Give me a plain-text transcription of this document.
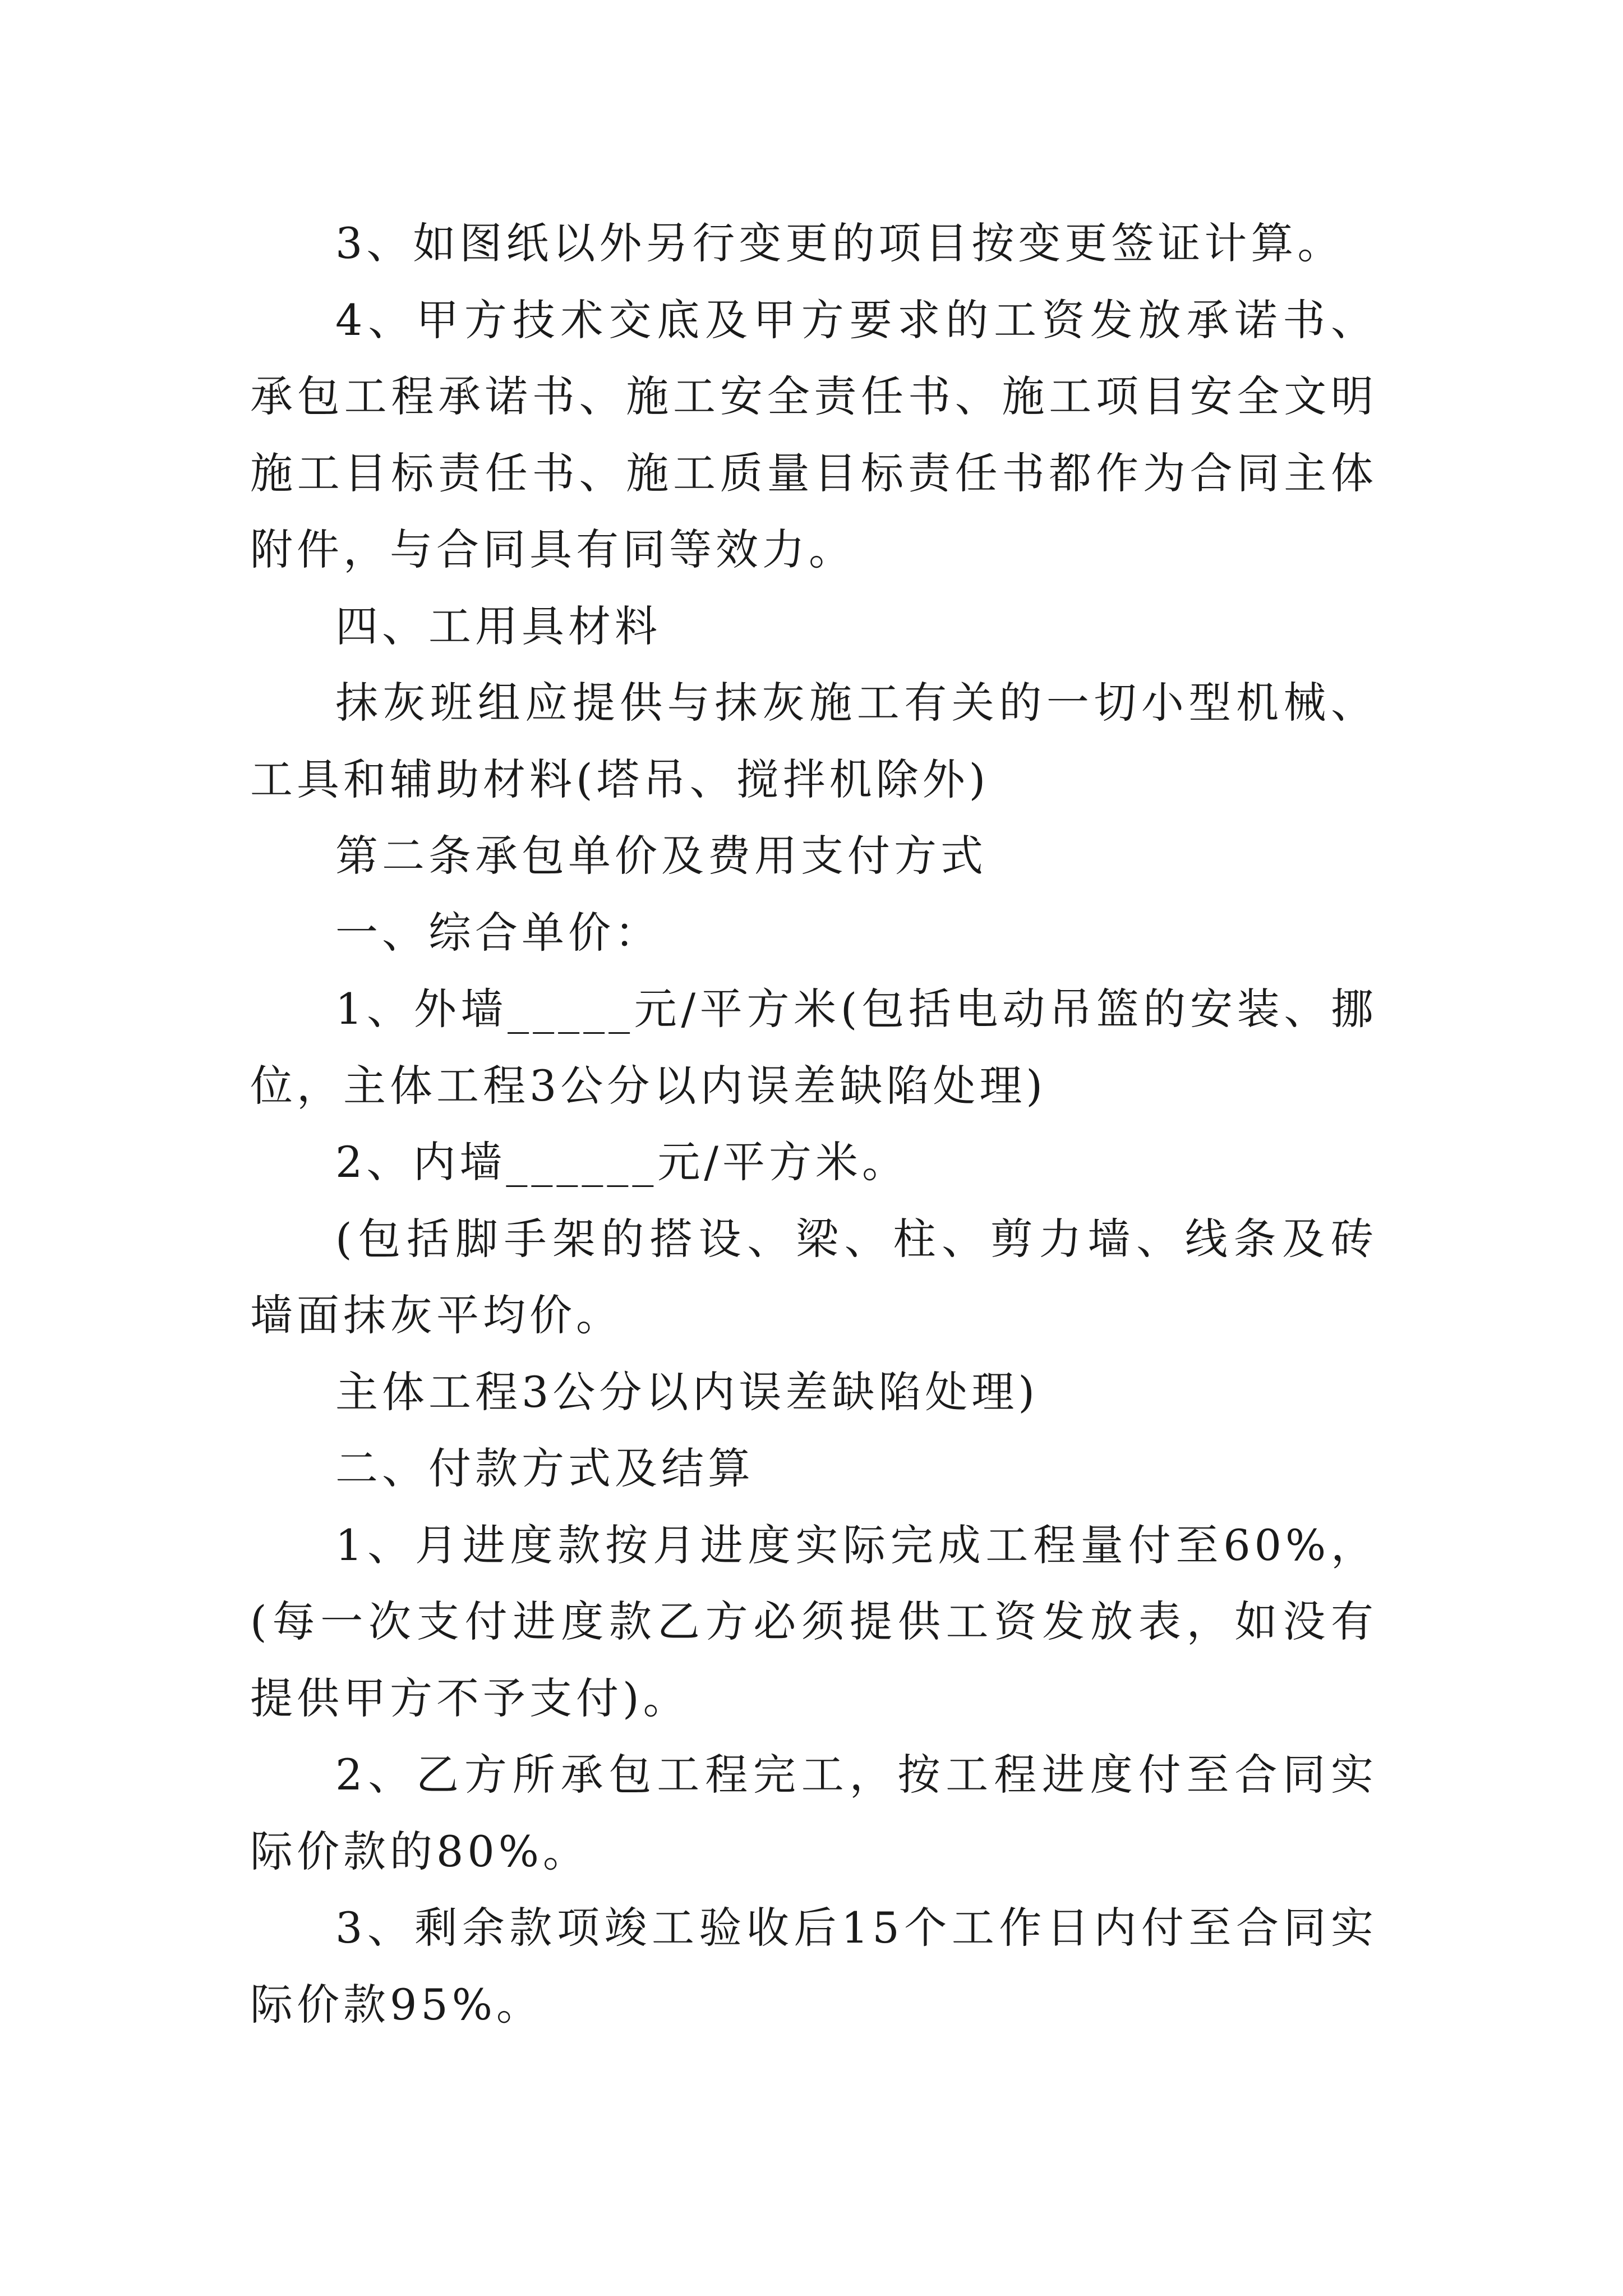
3、如图纸以外另行变更的项目按变更签证计算。

4、甲方技术交底及甲方要求的工资发放承诺书、承包工程承诺书、施工安全责任书、施工项目安全文明施工目标责任书、施工质量目标责任书都作为合同主体附件，与合同具有同等效力。

四、工用具材料

抹灰班组应提供与抹灰施工有关的一切小型机械、工具和辅助材料(塔吊、搅拌机除外)

第二条承包单价及费用支付方式

一、综合单价：

1、外墙_____元/平方米(包括电动吊篮的安装、挪位，主体工程3公分以内误差缺陷处理)

2、内墙______元/平方米。

(包括脚手架的搭设、梁、柱、剪力墙、线条及砖墙面抹灰平均价。

主体工程3公分以内误差缺陷处理)

二、付款方式及结算

1、月进度款按月进度实际完成工程量付至60%，(每一次支付进度款乙方必须提供工资发放表，如没有提供甲方不予支付)。

2、乙方所承包工程完工，按工程进度付至合同实际价款的80%。

3、剩余款项竣工验收后15个工作日内付至合同实际价款95%。
